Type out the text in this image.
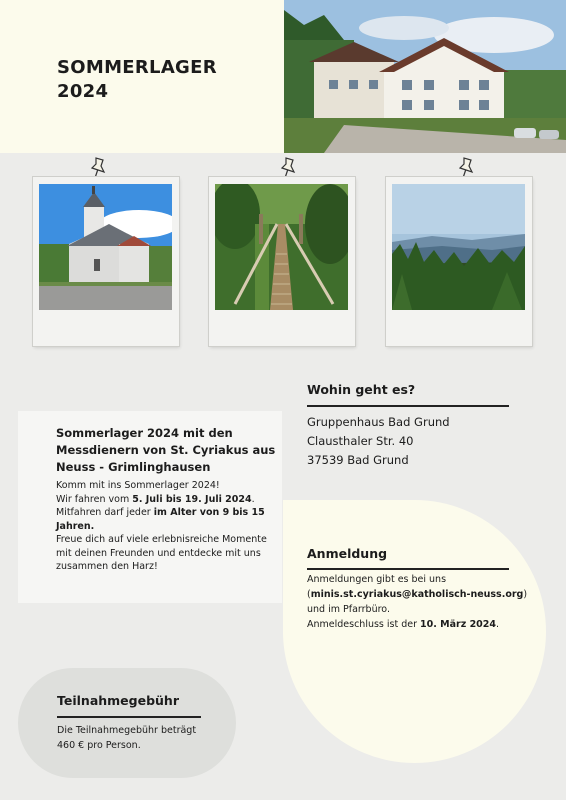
SOMMERLAGER
2024
Wohin geht es?
Gruppenhaus Bad Grund
Clausthaler Str. 40
37539 Bad Grund
Sommerlager 2024 mit den Messdienern von St. Cyriakus aus Neuss - Grimlinghausen
Komm mit ins Sommerlager 2024!
Wir fahren vom 5. Juli bis 19. Juli 2024.
Mitfahren darf jeder im Alter von 9 bis 15 Jahren.
Freue dich auf viele erlebnisreiche Momente mit deinen Freunden und entdecke mit uns zusammen den Harz!
Anmeldung
Anmeldungen gibt es bei uns
(minis.st.cyriakus@katholisch-neuss.org)
und im Pfarrbüro.
Anmeldeschluss ist der 10. März 2024.
Teilnahmegebühr
Die Teilnahmegebühr beträgt
460 € pro Person.
